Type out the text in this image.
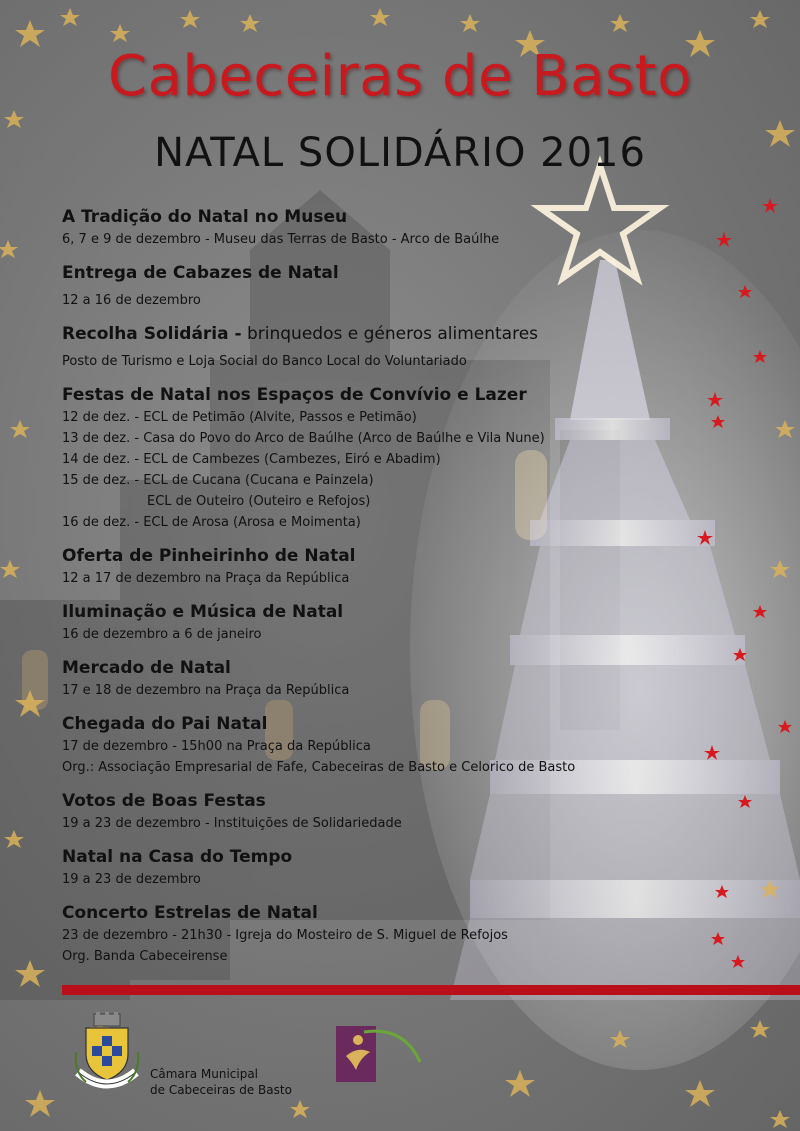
Cabeceiras de Basto
NATAL SOLIDÁRIO 2016
A Tradição do Natal no Museu
6, 7 e 9 de dezembro - Museu das Terras de Basto - Arco de Baúlhe
Entrega de Cabazes de Natal
12 a 16 de dezembro
Recolha Solidária - brinquedos e géneros alimentares
Posto de Turismo e Loja Social do Banco Local do Voluntariado
Festas de Natal nos Espaços de Convívio e Lazer
12 de dez. - ECL de Petimão (Alvite, Passos e Petimão)
13 de dez. - Casa do Povo do Arco de Baúlhe (Arco de Baúlhe e Vila Nune)
14 de dez. - ECL de Cambezes (Cambezes, Eiró e Abadim)
15 de dez. - ECL de Cucana (Cucana e Painzela)
ECL de Outeiro (Outeiro e Refojos)
16 de dez. - ECL de Arosa (Arosa e Moimenta)
Oferta de Pinheirinho de Natal
12 a 17 de dezembro na Praça da República
Iluminação e Música de Natal
16 de dezembro a 6 de janeiro
Mercado de Natal
17 e 18 de dezembro na Praça da República
Chegada do Pai Natal
17 de dezembro - 15h00 na Praça da República
Org.: Associação Empresarial de Fafe, Cabeceiras de Basto e Celorico de Basto
Votos de Boas Festas
19 a 23 de dezembro - Instituições de Solidariedade
Natal na Casa do Tempo
19 a 23 de dezembro
Concerto Estrelas de Natal
23 de dezembro - 21h30 - Igreja do Mosteiro de S. Miguel de Refojos
Org. Banda Cabeceirense
Câmara Municipal
de Cabeceiras de Basto
